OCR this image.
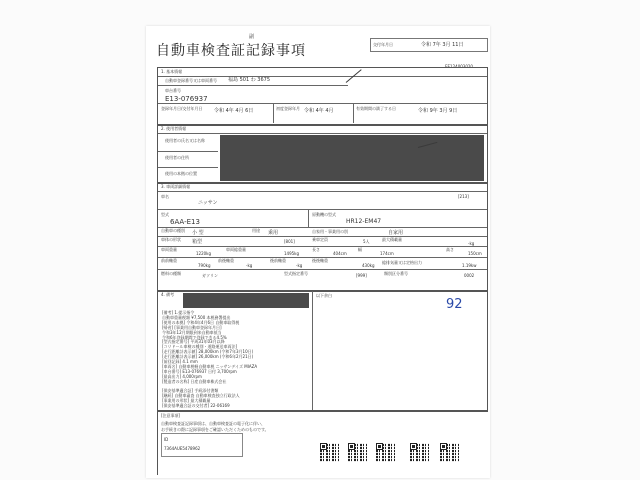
副
自動車検査証記録事項	交付年月日	令和 7年 3月 11日
EE124003020
1. 基本情報
自動車登録番号又は車両番号 福島 501 わ 3675
車台番号
E13-076937
登録年月日/交付年月日 令和 4年 4月 6日	初度登録年月 令和 4年 4月	有効期間の満了する日	令和 9年 3月 9日
2. 使用者情報
使用者の氏名又は名称
使用者の住所
使用の本拠の位置
3. 車両詳細情報
車名
ニッサン
[213]
型式
6AA-E13
原動機の型式
HR12-EM47
自動車の種別 小 型	用途 乗用	自家用・事業用の別	自家用
車体の形状 箱型	[801]	乗車定員	5人	最大積載量
-kg
車両重量
1220kg
車両総重量
1495kg
長さ
404cm
幅
174cm
高さ
150cm
前前軸重
790kg
前後軸重
-kg
後前軸重
-kg
後後軸重
430kg
総排気量又は定格出力
1.19kw
燃料の種類	ガソリン	型式指定番号	[999]	類別区分番号	0002
4. 備考	以下余白
92
[備考] 1.提示指令
自動車重量税額 ¥7,500 本税務署提出
[使用の本拠] 令和4年4月6日 自動車取得税
[帰省] [事業用自動車登録年月日]
令和3年12月期限到来自動車抵当
令和6年登録期間で登録できる4.5%
[型式指定番号] 平成31年03月以降
[コリドール車検の種別・道路運送車両法]
[走行距離計表示値] 28,000km (令和7年3月10日)
[走行距離計表示値] 26,000km (令和6年2月21日)
[前回記録] 4.1 mm
[車両名] 自動車税軽自動車税 ニッサンデイズ MIAZA
[車台番号] E13-076937 日付 3,700rpm
[最高出力] 4,000rpm
[製造者の名称] 日産自動車株式会社
[保安基準適合証] 手続添付書類
[継続] 自動車審査 自動車検査独立行政法人
[事業用の形状] 最大積載量
[保安基準適合証の交付者] 22-06169
[注意事項]
自動車検査証記録事項は、自動車検査証の電子化に伴い、
お手続きの際に記録事項をご確認いただくためのものです。
ID
7364AUE5478962
